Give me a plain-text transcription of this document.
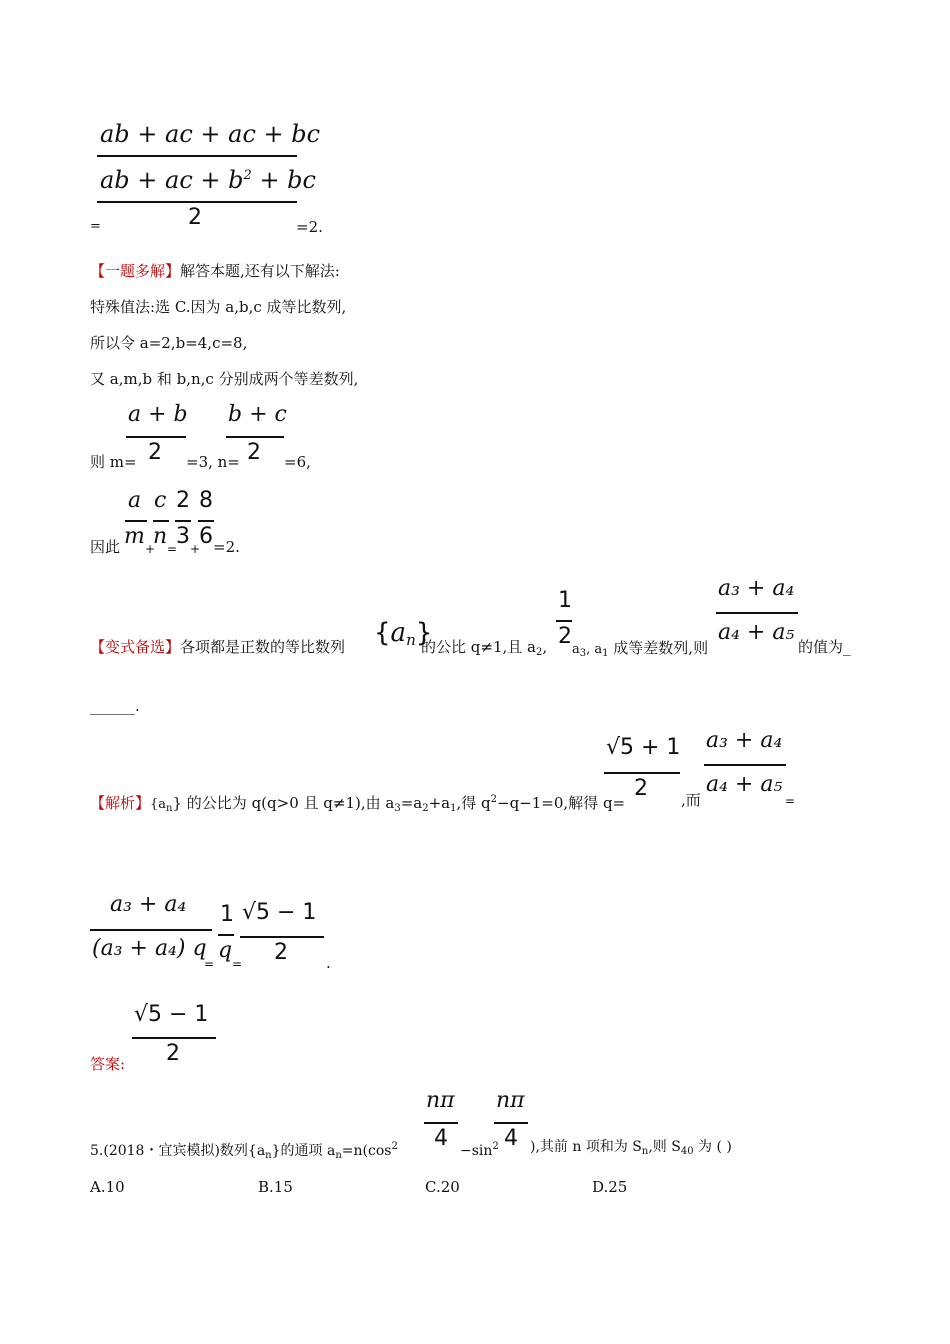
ab + ac + ac + bc
ab + ac + $b^2$ + bc
2
=	=2.
【一题多解】解答本题,还有以下解法:
特殊值法:选 C.因为 a,b,c 成等比数列,
所以令 a=2,b=4,c=8,
又 a,m,b 和 b,n,c 分别成两个等差数列,
则 m=
a + b
2 =3, n=
b + c
2 =6,
因此
a
m +
c
n =
2
3 +
8
6 =2.
【变式备选】各项都是正数的等比数列 {an}
的公比 q≠1,且 $a_2$,
1
2
$a_3$, $a_1$ 成等差数列,则
a₃ + a₄
a₄ + a₅
的值为_
______.
【解析】$\{a_n\}$ 的公比为 q(q>0 且 q≠1),由 $a_3=a_2+a_1$,得 $q^2-q-1=0$,解得 q=
√5 + 1
2 ,而
a₃ + a₄
a₄ + a₅
=
a₃ + a₄
(a₃ + a₄) q
=
1
q
=
√5 − 1
2	.
答案:
√5 − 1
2
5.(2018・宜宾模拟)数列$\{a_n\}$的通项 $a_n=n(\cos^2$
nπ
$4 -\sin^2$
nπ
4 ),其前 n 项和为 $S_n$,则 $S_{40}$ 为 ( )
A.10	B.15	C.20	D.25
